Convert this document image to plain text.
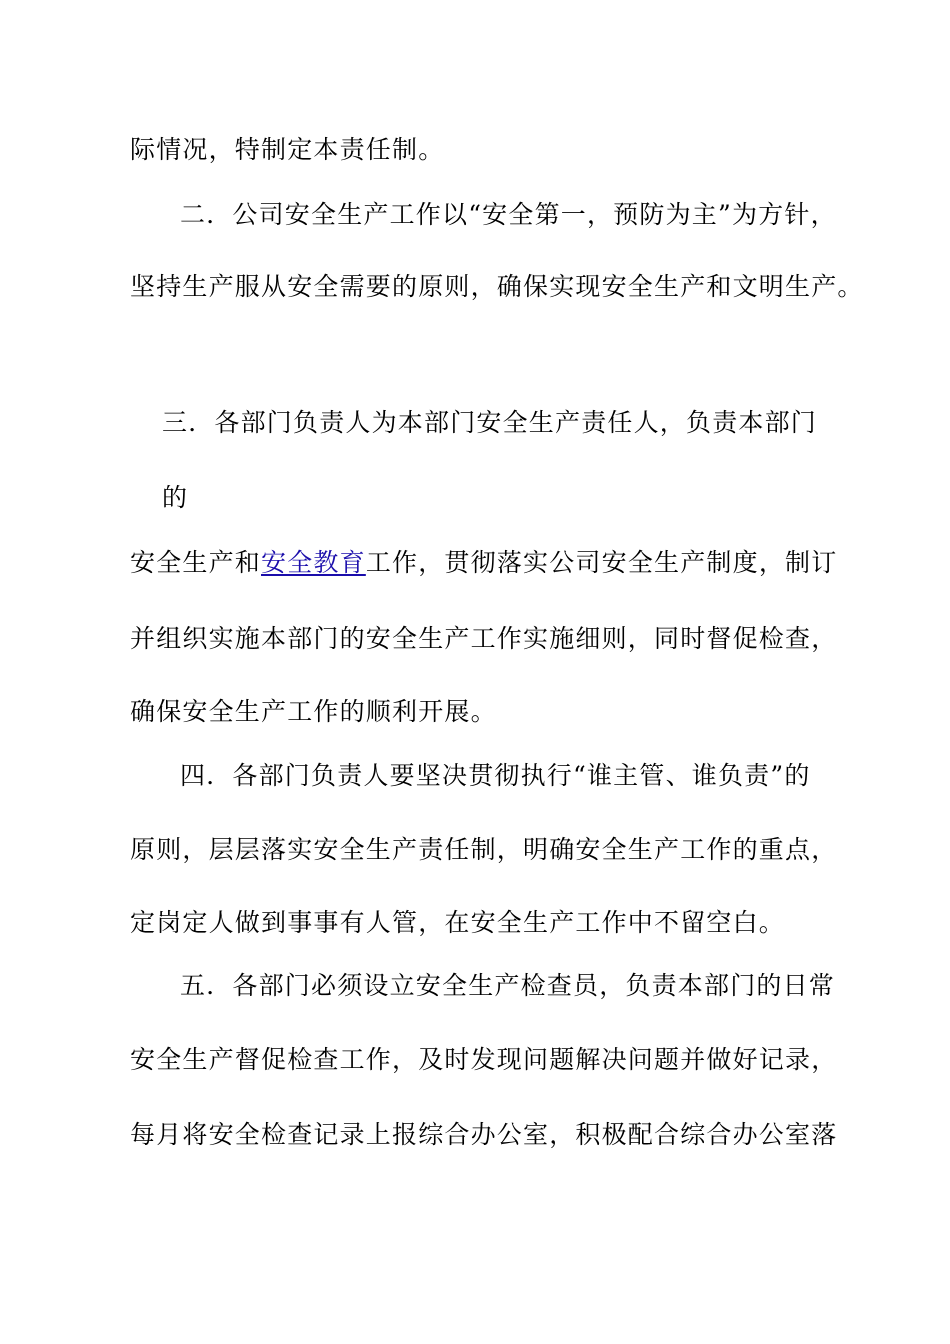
际情况，特制定本责任制。
二．公司安全生产工作以“安全第一，预防为主”为方针，
坚持生产服从安全需要的原则，确保实现安全生产和文明生产。
三．各部门负责人为本部门安全生产责任人，负责本部门
的
安全生产和安全教育工作，贯彻落实公司安全生产制度，制订
并组织实施本部门的安全生产工作实施细则，同时督促检查，
确保安全生产工作的顺利开展。
四．各部门负责人要坚决贯彻执行“谁主管、谁负责”的
原则，层层落实安全生产责任制，明确安全生产工作的重点，
定岗定人做到事事有人管，在安全生产工作中不留空白。
五．各部门必须设立安全生产检查员，负责本部门的日常
安全生产督促检查工作，及时发现问题解决问题并做好记录，
每月将安全检查记录上报综合办公室，积极配合综合办公室落
